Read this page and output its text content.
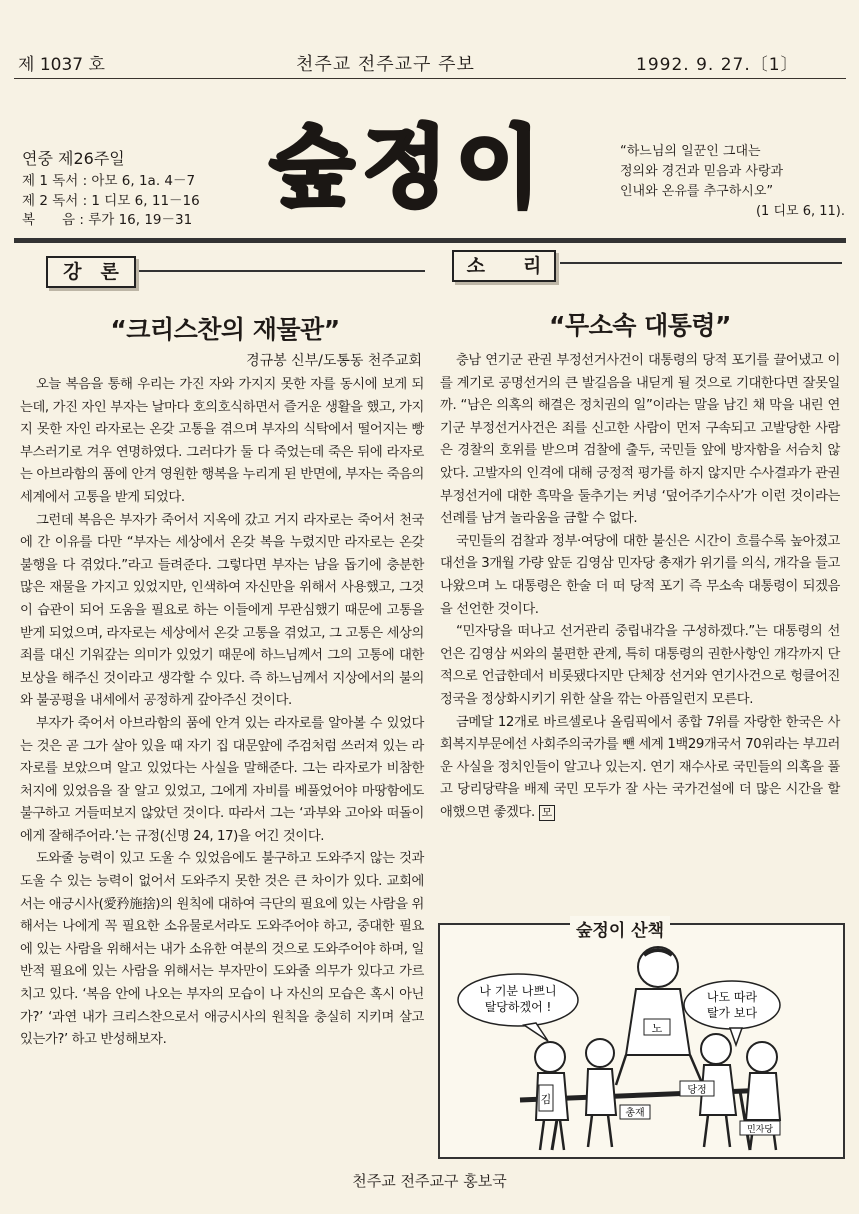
제 1037 호	천주교 전주교구 주보	1992. 9. 27.〔1〕
연중 제26주일
제 1 독서 : 아모 6, 1a. 4－7
제 2 독서 : 1 디모 6, 11－16
복　　음 : 루가 16, 19－31
숲정이	“하느님의 일꾼인 그대는
정의와 경건과 믿음과 사랑과
인내와 온유를 추구하시오”
(1 디모 6, 11).
강　론
“크리스찬의 재물관”
경규봉 신부/도통동 천주교회

오늘 복음을 통해 우리는 가진 자와 가지지 못한 자를 동시에 보게 되는데, 가진 자인 부자는 날마다 호의호식하면서 즐거운 생활을 했고, 가지지 못한 자인 라자로는 온갖 고통을 겪으며 부자의 식탁에서 떨어지는 빵부스러기로 겨우 연명하였다. 그러다가 둘 다 죽었는데 죽은 뒤에 라자로는 아브라함의 품에 안겨 영원한 행복을 누리게 된 반면에, 부자는 죽음의 세계에서 고통을 받게 되었다.

그런데 복음은 부자가 죽어서 지옥에 갔고 거지 라자로는 죽어서 천국에 간 이유를 다만 “부자는 세상에서 온갖 복을 누렸지만 라자로는 온갖 불행을 다 겪었다.”라고 들려준다. 그렇다면 부자는 남을 돕기에 충분한 많은 재물을 가지고 있었지만, 인색하여 자신만을 위해서 사용했고, 그것이 습관이 되어 도움을 필요로 하는 이들에게 무관심했기 때문에 고통을 받게 되었으며, 라자로는 세상에서 온갖 고통을 겪었고, 그 고통은 세상의 죄를 대신 기워갚는 의미가 있었기 때문에 하느님께서 그의 고통에 대한 보상을 해주신 것이라고 생각할 수 있다. 즉 하느님께서 지상에서의 불의와 불공평을 내세에서 공정하게 갚아주신 것이다.

부자가 죽어서 아브라함의 품에 안겨 있는 라자로를 알아볼 수 있었다는 것은 곧 그가 살아 있을 때 자기 집 대문앞에 주검처럼 쓰러져 있는 라자로를 보았으며 알고 있었다는 사실을 말해준다. 그는 라자로가 비참한 처지에 있었음을 잘 알고 있었고, 그에게 자비를 베풀었어야 마땅함에도 불구하고 거들떠보지 않았던 것이다. 따라서 그는 ‘과부와 고아와 떠돌이에게 잘해주어라.’는 규정(신명 24, 17)을 어긴 것이다.

도와줄 능력이 있고 도울 수 있었음에도 불구하고 도와주지 않는 것과 도울 수 있는 능력이 없어서 도와주지 못한 것은 큰 차이가 있다. 교회에서는 애긍시사(愛矜施捨)의 원칙에 대하여 극단의 필요에 있는 사람을 위해서는 나에게 꼭 필요한 소유물로서라도 도와주어야 하고, 중대한 필요에 있는 사람을 위해서는 내가 소유한 여분의 것으로 도와주어야 하며, 일반적 필요에 있는 사람을 위해서는 부자만이 도와줄 의무가 있다고 가르치고 있다. ‘복음 안에 나오는 부자의 모습이 나 자신의 모습은 혹시 아닌가?’ ‘과연 내가 크리스찬으로서 애긍시사의 원칙을 충실히 지키며 살고 있는가?’ 하고 반성해보자.

소　　리
“무소속 대통령”

충남 연기군 관권 부정선거사건이 대통령의 당적 포기를 끌어냈고 이를 계기로 공명선거의 큰 발길음을 내딛게 될 것으로 기대한다면 잘못일까. “남은 의혹의 해결은 정치권의 일”이라는 말을 남긴 채 막을 내린 연기군 부정선거사건은 죄를 신고한 사람이 먼저 구속되고 고발당한 사람은 경찰의 호위를 받으며 검찰에 출두, 국민들 앞에 방자함을 서슴치 않았다. 고발자의 인격에 대해 긍정적 평가를 하지 않지만 수사결과가 관권 부정선거에 대한 흑막을 둘추기는 커녕 ‘덮어주기수사’가 이런 것이라는 선례를 남겨 놀라움을 금할 수 없다.

국민들의 검찰과 정부·여당에 대한 불신은 시간이 흐를수록 높아졌고 대선을 3개월 가량 앞둔 김영삼 민자당 총재가 위기를 의식, 개각을 들고 나왔으며 노 대통령은 한술 더 떠 당적 포기 즉 무소속 대통령이 되겠음을 선언한 것이다.

“민자당을 떠나고 선거관리 중립내각을 구성하겠다.”는 대통령의 선언은 김영삼 씨와의 불편한 관계, 특히 대통령의 권한사항인 개각까지 단적으로 언급한데서 비롯됐다지만 단체장 선거와 연기사건으로 헝클어진 정국을 정상화시키기 위한 살을 깎는 아픔일런지 모른다.

금메달 12개로 바르셀로나 올림픽에서 종합 7위를 자랑한 한국은 사회복지부문에선 사회주의국가를 뺀 세계 1백29개국서 70위라는 부끄러운 사실을 정치인들이 알고나 있는지. 연기 재수사로 국민들의 의혹을 풀고 당리당략을 배제 국민 모두가 잘 사는 국가건설에 더 많은 시간을 할애했으면 좋겠다. 모

나 기분 나쁘니
탈당하겠어 !
나도 따라
탈가 보다
노
김
당정
민자당
총재
숲정이 산책
천주교 전주교구 홍보국
